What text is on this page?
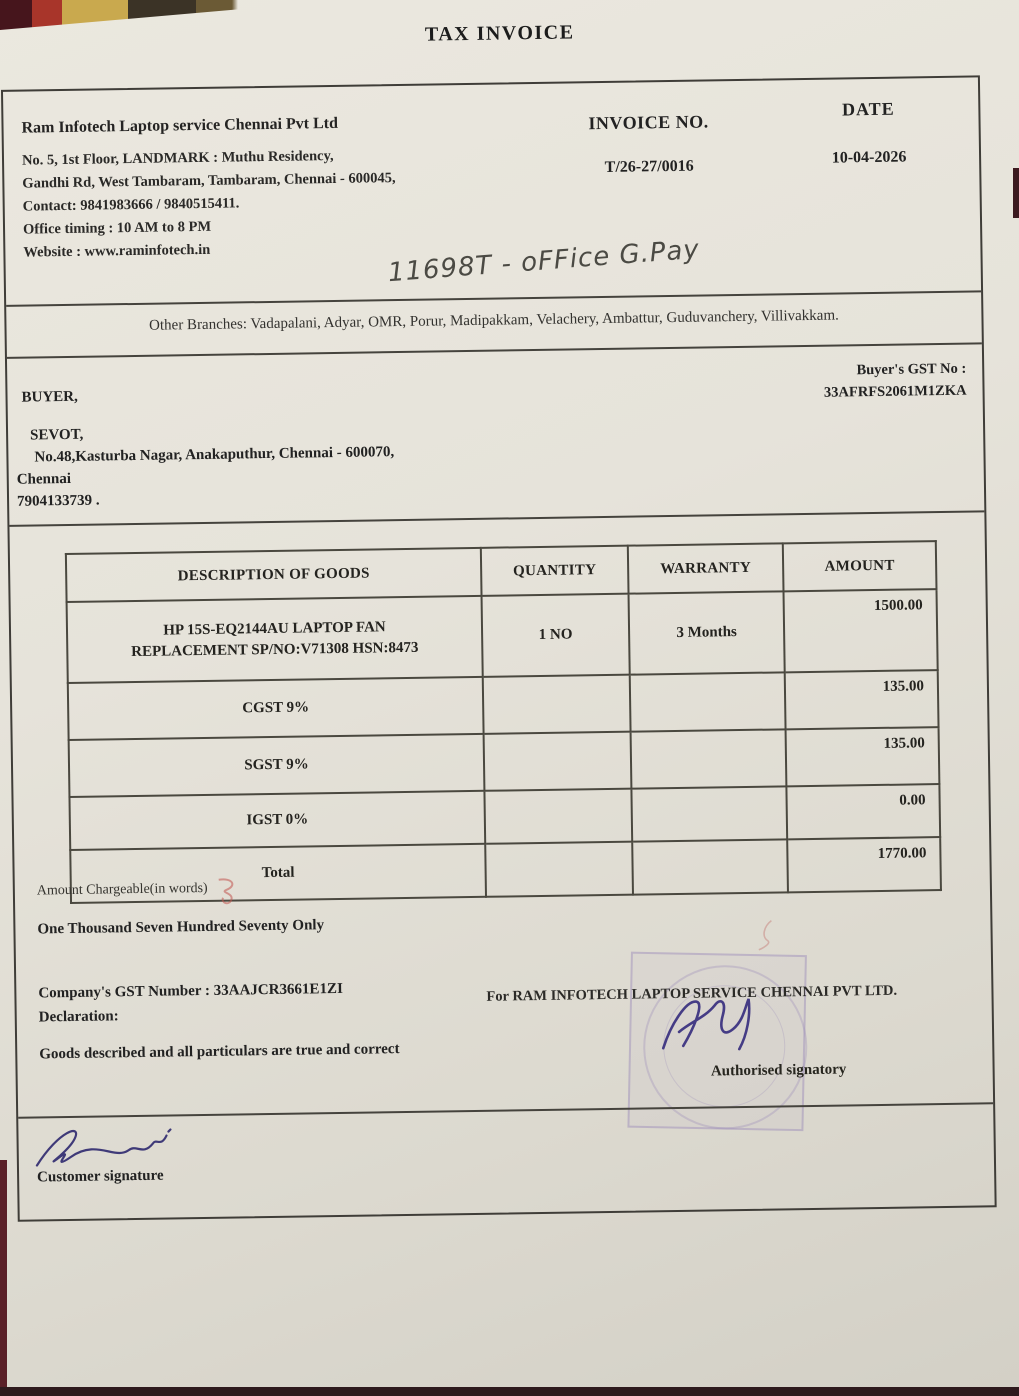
TAX INVOICE
Ram Infotech Laptop service Chennai Pvt Ltd
No. 5, 1st Floor, LANDMARK : Muthu Residency,
Gandhi Rd, West Tambaram, Tambaram, Chennai - 600045,
Contact: 9841983666 / 9840515411.
Office timing : 10 AM to 8 PM
Website : www.raminfotech.in
INVOICE NO.
T/26-27/0016
DATE
10-04-2026
11698T - oFFice G.Pay
Other Branches: Vadapalani, Adyar, OMR, Porur, Madipakkam, Velachery, Ambattur, Guduvanchery, Villivakkam.
Buyer's GST No :
33AFRFS2061M1ZKA
BUYER,
SEVOT,
No.48,Kasturba Nagar, Anakaputhur, Chennai - 600070,
Chennai
7904133739 .
DESCRIPTION OF GOODS	QUANTITY	WARRANTY	AMOUNT
HP 15S-EQ2144AU LAPTOP FAN REPLACEMENT SP/NO:V71308 HSN:8473	1 NO	3 Months	1500.00
CGST 9%			135.00
SGST 9%			135.00
IGST 0%			0.00
Total			1770.00
Amount Chargeable(in words)
One Thousand Seven Hundred Seventy Only
Company's GST Number : 33AAJCR3661E1ZI
Declaration:
Goods described and all particulars are true and correct
For RAM INFOTECH LAPTOP SERVICE CHENNAI PVT LTD.
Authorised signatory
Customer signature
